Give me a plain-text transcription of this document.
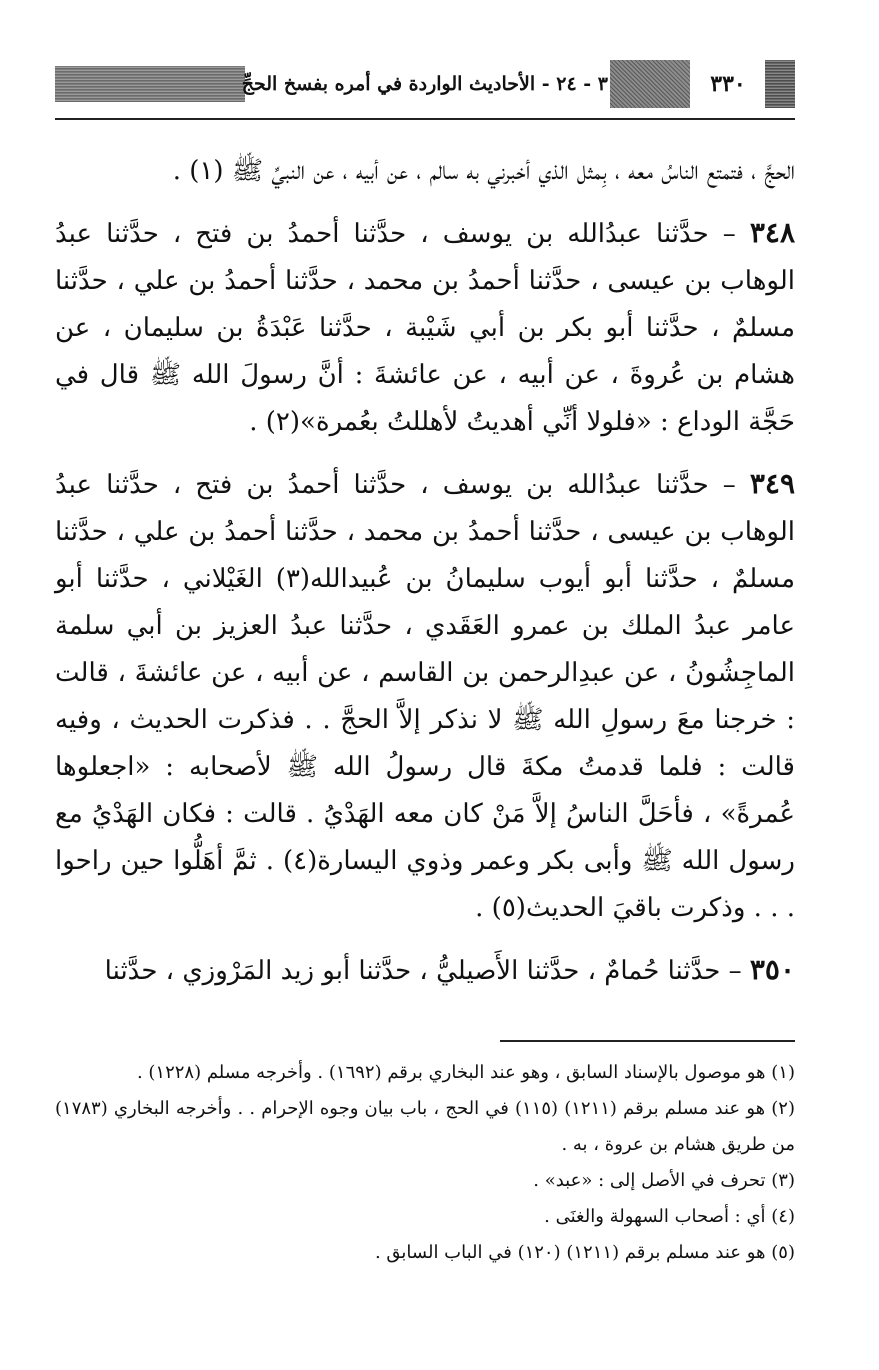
٣ - ٢٤ - الأحاديث الواردة في أمره بفسخ الحجِّ	٣٣٠

الحجَّ ، فتمتع الناسُ معه ، بِمثل الذي أخبرني به سالم ، عن أبيه ، عن النبيِّ ﷺ (١) .

٣٤٨ – حدَّثنا عبدُالله بن يوسف ، حدَّثنا أحمدُ بن فتح ، حدَّثنا عبدُ الوهاب بن عيسى ، حدَّثنا أحمدُ بن محمد ، حدَّثنا أحمدُ بن علي ، حدَّثنا مسلمٌ ، حدَّثنا أبو بكر بن أبي شَيْبة ، حدَّثنا عَبْدَةُ بن سليمان ، عن هشام بن عُروةَ ، عن أبيه ، عن عائشةَ : أنَّ رسولَ الله ﷺ قال في حَجَّة الوداع : «فلولا أنِّي أهديتُ لأهللتُ بعُمرة»(٢) .

٣٤٩ – حدَّثنا عبدُالله بن يوسف ، حدَّثنا أحمدُ بن فتح ، حدَّثنا عبدُ الوهاب بن عيسى ، حدَّثنا أحمدُ بن محمد ، حدَّثنا أحمدُ بن علي ، حدَّثنا مسلمٌ ، حدَّثنا أبو أيوب سليمانُ بن عُبيدالله(٣) الغَيْلاني ، حدَّثنا أبو عامر عبدُ الملك بن عمرو العَقَدي ، حدَّثنا عبدُ العزيز بن أبي سلمة الماجِشُونُ ، عن عبدِالرحمن بن القاسم ، عن أبيه ، عن عائشةَ ، قالت : خرجنا معَ رسولِ الله ﷺ لا نذكر إلاَّ الحجَّ . . فذكرت الحديث ، وفيه قالت : فلما قدمتُ مكةَ قال رسولُ الله ﷺ لأصحابه : «اجعلوها عُمرةً» ، فأحَلَّ الناسُ إلاَّ مَنْ كان معه الهَدْيُ . قالت : فكان الهَدْيُ مع رسول الله ﷺ وأبى بكر وعمر وذوي اليسارة(٤) . ثمَّ أهَلُّوا حين راحوا . . . وذكرت باقيَ الحديث(٥) .

٣٥٠ – حدَّثنا حُمامٌ ، حدَّثنا الأَصيليُّ ، حدَّثنا أبو زيد المَرْوزي ، حدَّثنا

(١) هو موصول بالإسناد السابق ، وهو عند البخاري برقم (١٦٩٢) . وأخرجه مسلم (١٢٢٨) .

(٢) هو عند مسلم برقم (١٢١١) (١١٥) في الحج ، باب بيان وجوه الإحرام . . وأخرجه البخاري (١٧٨٣) من طريق هشام بن عروة ، به .

(٣) تحرف في الأصل إلى : «عبد» .

(٤) أي : أصحاب السهولة والغنَى .

(٥) هو عند مسلم برقم (١٢١١) (١٢٠) في الباب السابق .
